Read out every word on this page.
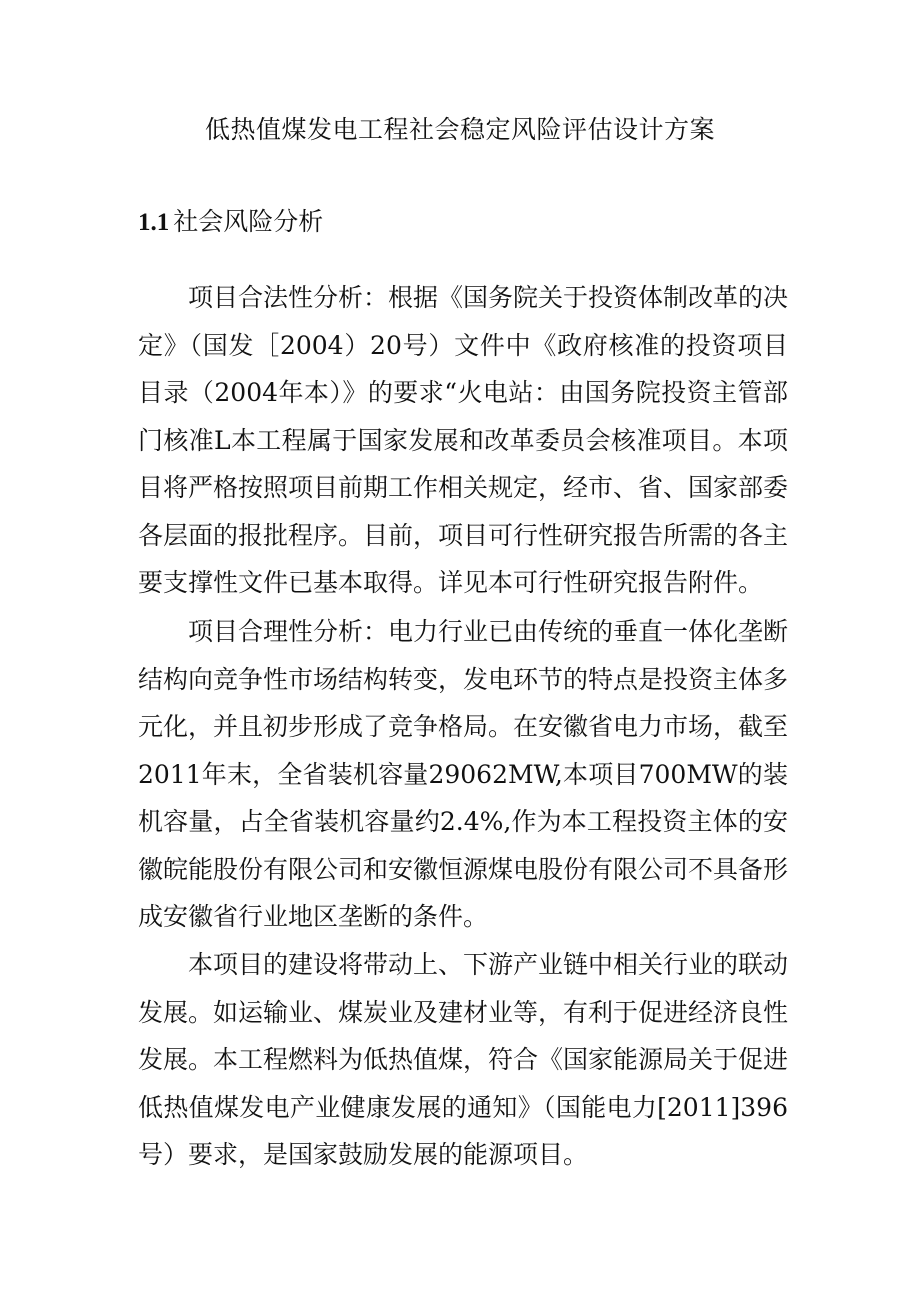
低热值煤发电工程社会稳定风险评估设计方案
1.1 社会风险分析

项目合法性分析：根据《国务院关于投资体制改革的决定》（国发［2004）20号）文件中《政府核准的投资项目目录（2004年本）》的要求“火电站：由国务院投资主管部门核准L本工程属于国家发展和改革委员会核准项目。本项目将严格按照项目前期工作相关规定，经市、省、国家部委各层面的报批程序。目前，项目可行性研究报告所需的各主要支撑性文件已基本取得。详见本可行性研究报告附件。

项目合理性分析：电力行业已由传统的垂直一体化垄断结构向竞争性市场结构转变，发电环节的特点是投资主体多元化，并且初步形成了竞争格局。在安徽省电力市场，截至2011年末，全省装机容量29062MW,本项目700MW的装机容量，占全省装机容量约2.4%,作为本工程投资主体的安徽皖能股份有限公司和安徽恒源煤电股份有限公司不具备形成安徽省行业地区垄断的条件。

本项目的建设将带动上、下游产业链中相关行业的联动发展。如运输业、煤炭业及建材业等，有利于促进经济良性发展。本工程燃料为低热值煤，符合《国家能源局关于促进低热值煤发电产业健康发展的通知》（国能电力[2011]396号）要求，是国家鼓励发展的能源项目。
